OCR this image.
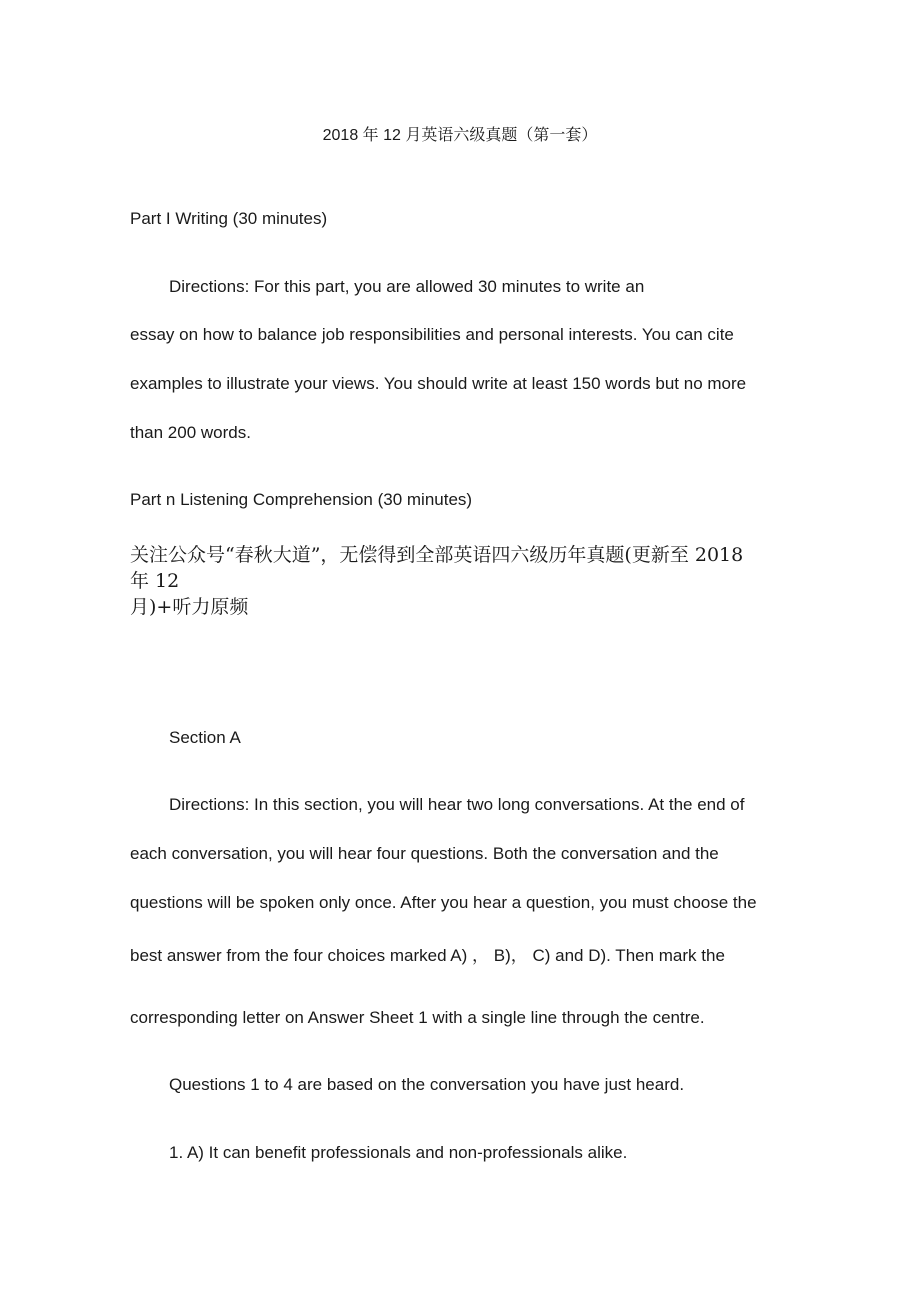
2018 年 12 月英语六级真题（第一套）
Part I Writing (30 minutes)
Directions: For this part, you are allowed 30 minutes to write an
essay on how to balance job responsibilities and personal interests. You can cite
examples to illustrate your views. You should write at least 150 words but no more
than 200 words.
Part n Listening Comprehension (30 minutes)
关注公众号“春秋大道”，无偿得到全部英语四六级历年真题(更新至 2018
年 12
月)+听力原频
Section A
Directions: In this section, you will hear two long conversations. At the end of
each conversation, you will hear four questions. Both the conversation and the
questions will be spoken only once. After you hear a question, you must choose the
best answer from the four choices marked A) ， B)， C) and D). Then mark the
corresponding letter on Answer Sheet 1 with a single line through the centre.
Questions 1 to 4 are based on the conversation you have just heard.
1. A) It can benefit professionals and non-professionals alike.
